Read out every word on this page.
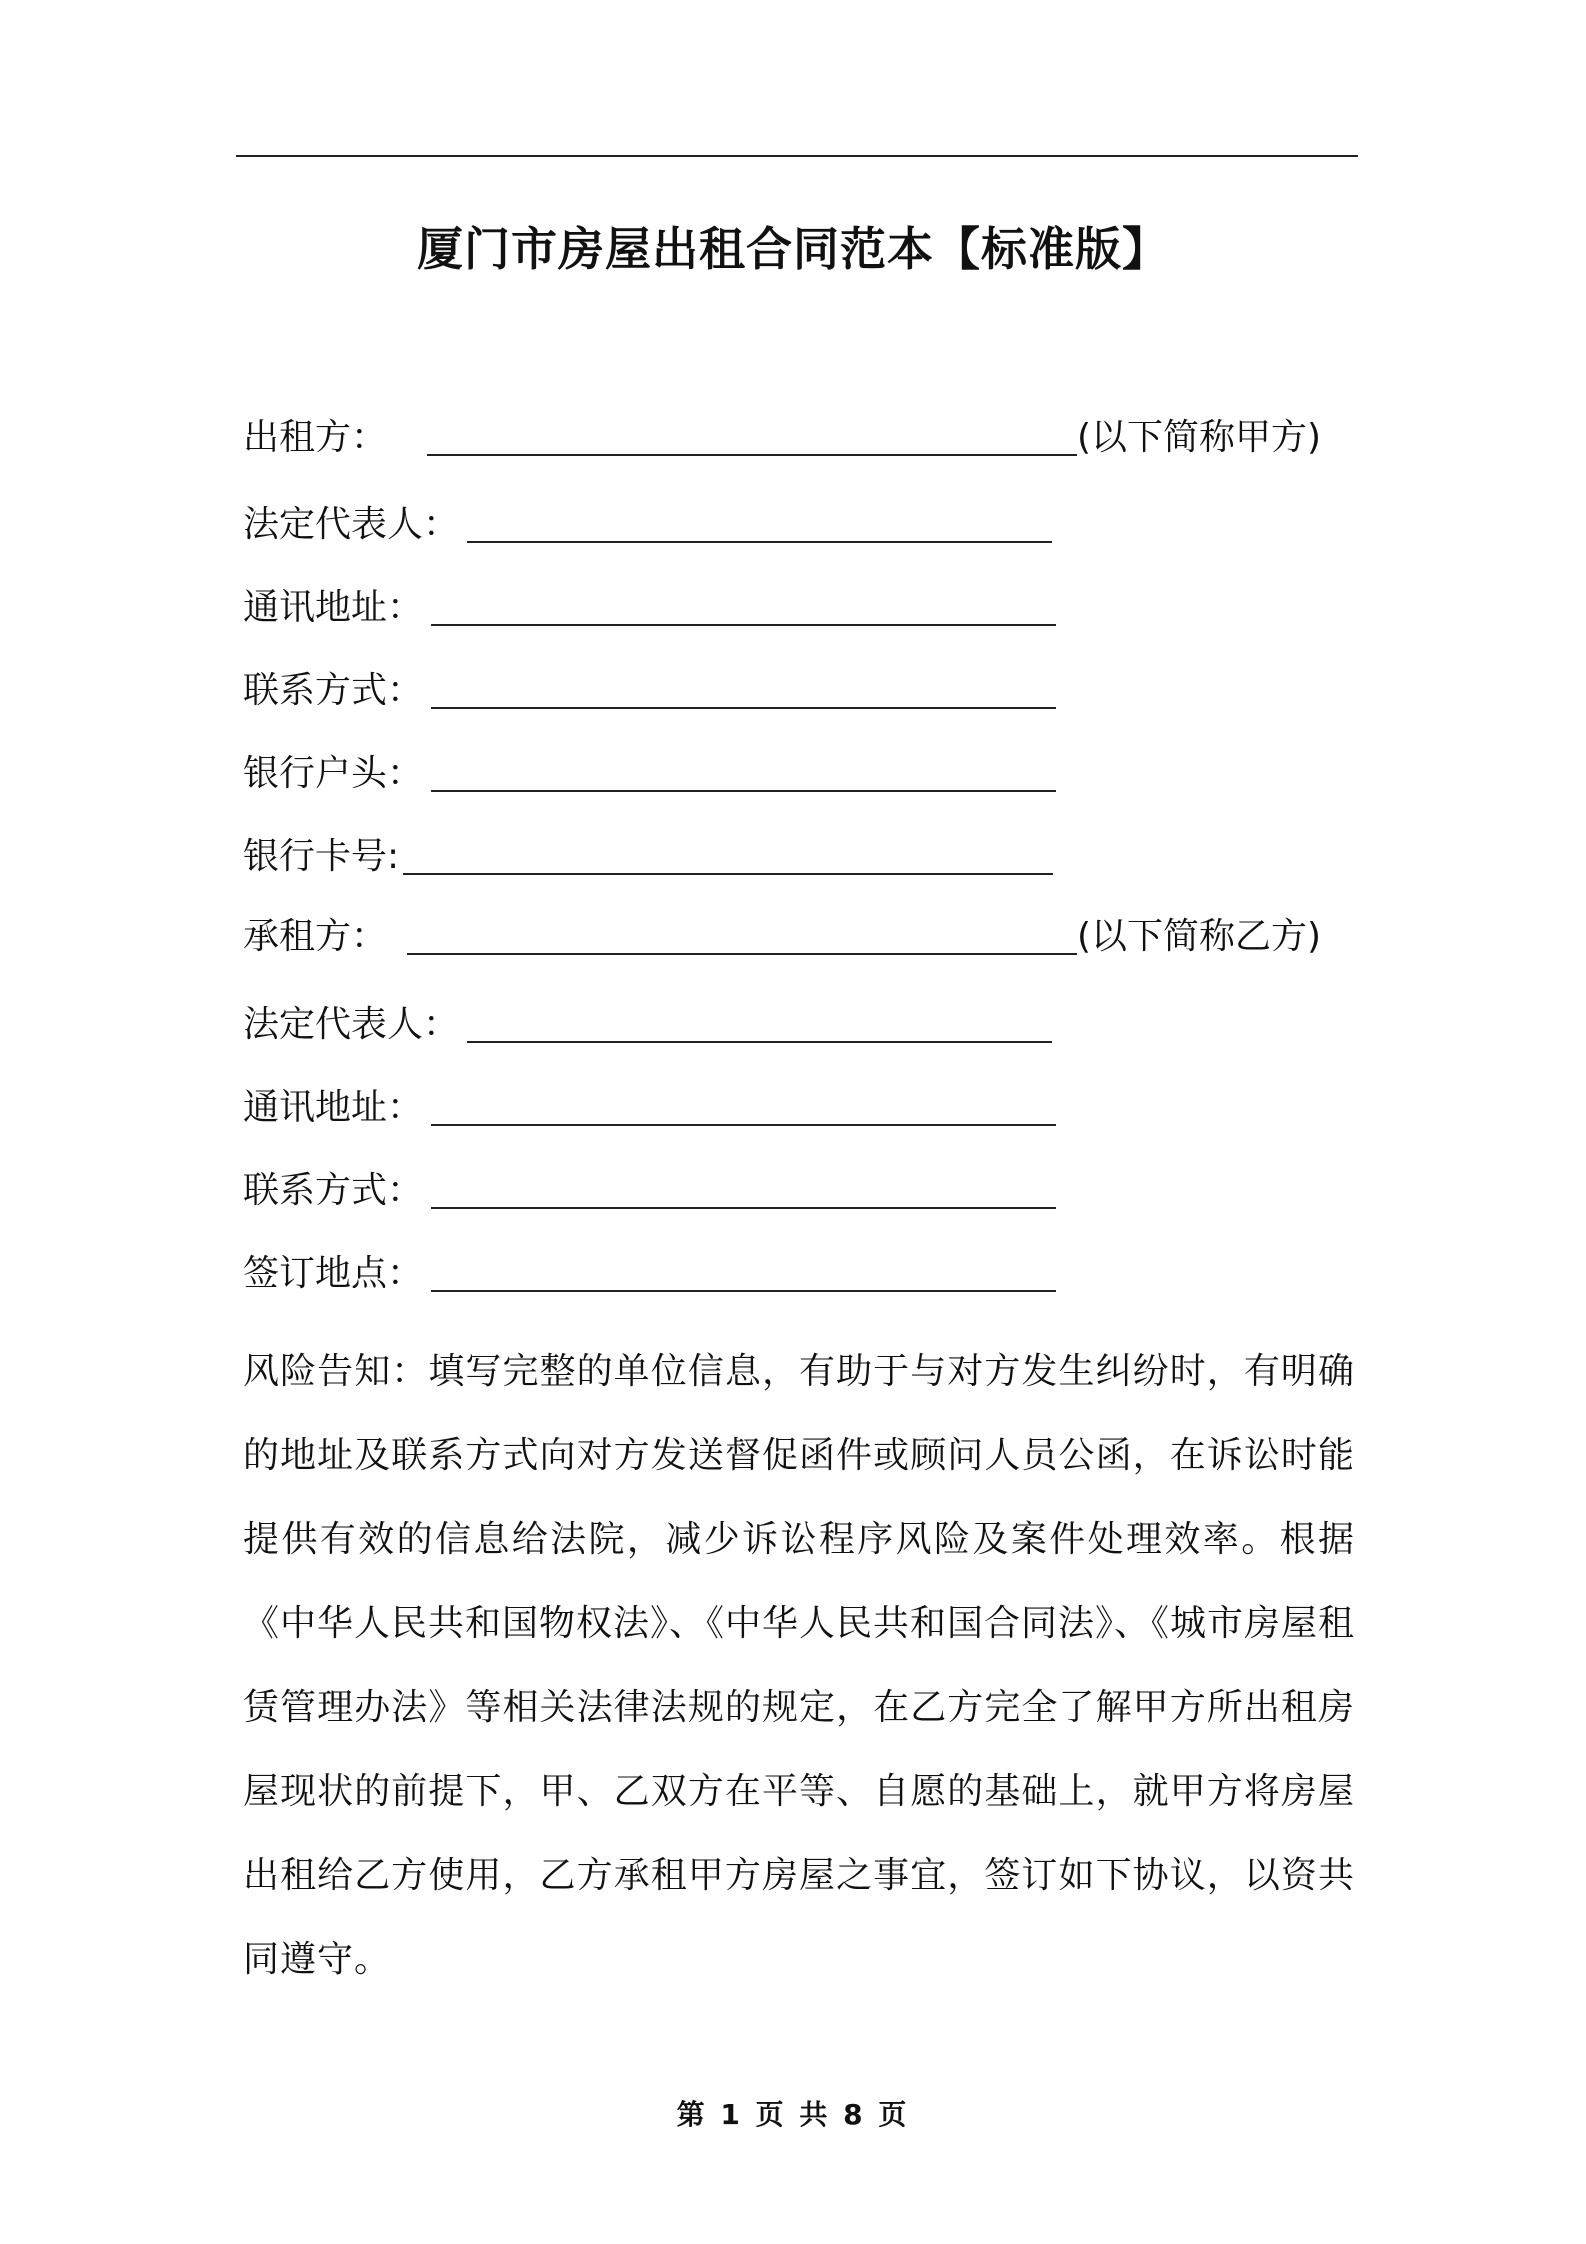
厦门市房屋出租合同范本【标准版】
出租方：	(以下简称甲方)
法定代表人：
通讯地址：
联系方式：
银行户头：
银行卡号:
承租方：	(以下简称乙方)
法定代表人：
通讯地址：
联系方式：
签订地点：

风险告知：填写完整的单位信息，有助于与对方发生纠纷时，有明确的地址及联系方式向对方发送督促函件或顾问人员公函，在诉讼时能提供有效的信息给法院，减少诉讼程序风险及案件处理效率。根据《中华人民共和国物权法》、《中华人民共和国合同法》、《城市房屋租赁管理办法》等相关法律法规的规定，在乙方完全了解甲方所出租房屋现状的前提下，甲、乙双方在平等、自愿的基础上，就甲方将房屋出租给乙方使用，乙方承租甲方房屋之事宜，签订如下协议，以资共同遵守。

第 1 页 共 8 页
